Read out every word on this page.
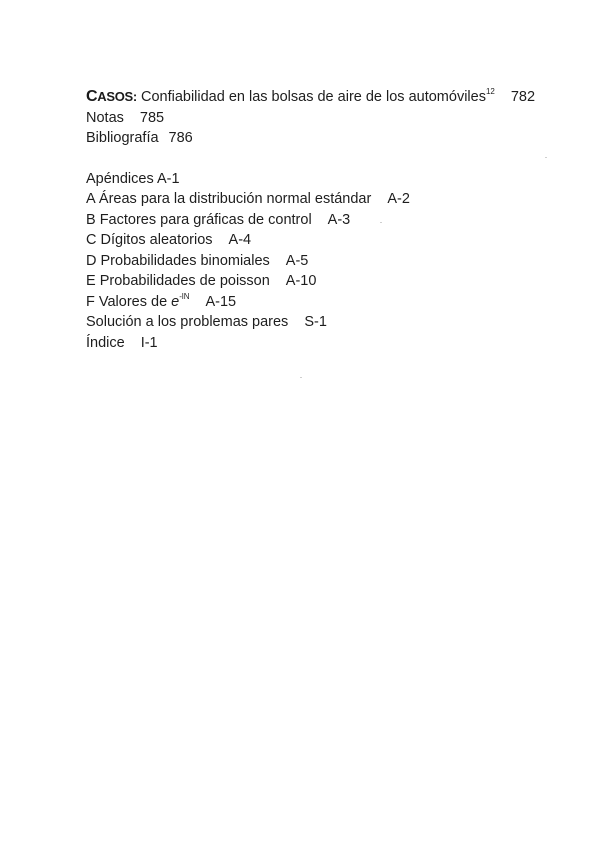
CASOS: Confiabilidad en las bolsas de aire de los automóviles$^{12}$ 782
Notas 785
Bibliografía 786
Apéndices A-1
A Áreas para la distribución normal estándar A-2
B Factores para gráficas de control A-3
C Dígitos aleatorios A-4
D Probabilidades binomiales A-5
E Probabilidades de poisson A-10
F Valores de $e^{-lN}$ A-15
Solución a los problemas pares S-1
Índice I-1
